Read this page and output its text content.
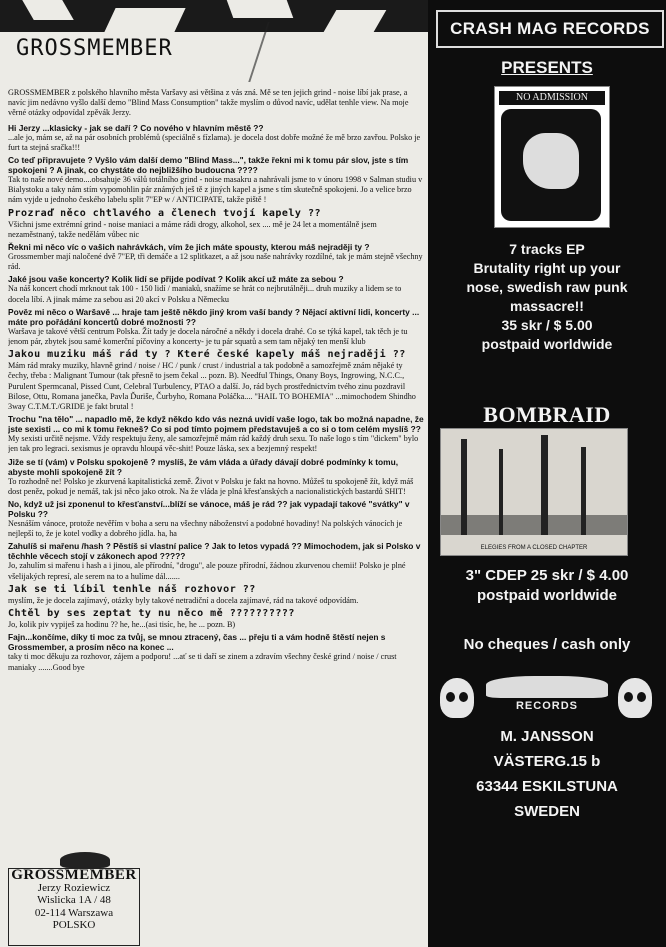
GROSSMEMBER
GROSSMEMBER z polského hlavního města Varšavy asi většina z vás zná. Mě se ten jejich grind - noise líbí jak prase, a navíc jim nedávno vyšlo další demo "Blind Mass Consumption" takže myslím o důvod navíc, udělat tenhle view. Na moje věrné otázky odpovídal zpěvák Jerzy.
Hi Jerzy ...klasicky - jak se daří ? Co nového v hlavním městě ??
...ale jo, mám se, až na pár osobních problémů (speciálně s fízlama). je docela dost dobře možné že mě brzo zavřou. Polsko je furt ta stejná sračka!!!
Co teď připravujete ? Vyšlo vám další demo "Blind Mass...", takže řekni mi k tomu pár slov, jste s tím spokojeni ? A jinak, co chystáte do nejbližšího budoucna ????
Tak to naše nové demo....obsahuje 36 válů totálního grind - noise masakru a nahrávali jsme to v únoru 1998 v Salman studiu v Bialystoku a taky nám stím vypomohlin pár známých ješ tě z jiných kapel a jsme s tím skutečně spokojeni. Jo a velice brzo nám vyjde u jednoho českého labelu split 7"EP w / ANTICIPATE, takže piště !
Prozraď něco chtlavého a členech tvojí kapely ??
Všichni jsme extrémní grind - noise maniaci a máme rádi drogy, alkohol, sex .... mě je 24 let a momentálně jsem nezaměstnaný, takže nedělám vůbec nic
Řekni mi něco víc o vašich nahrávkách, vím že jich máte spousty, kterou máš nejraději ty ?
Grossmember mají naločené dvě 7"EP, tři demáče a 12 splitkazet, a až jsou naše nahrávky rozdílné, tak je mám stejně všechny rád.
Jaké jsou vaše koncerty? Kolik lidí se přijde podívat ? Kolik akcí už máte za sebou ?
Na náš koncert chodí mrknout tak 100 - 150 lidí / maniaků, snažíme se hrát co nejbrutálněji... druh muziky a lidem se to docela líbí. A jinak máme za sebou asi 20 akcí v Polsku a Německu
Pověz mi něco o Waršavě ... hraje tam ještě někdo jiný krom vaší bandy ? Nějací aktivní lidi, koncerty ... máte pro pořádání koncertů dobré možnosti ??
Waršava je takové větší centrum Polska. Žít tady je docela náročné a někdy i docela drahé. Co se týká kapel, tak těch je tu jenom pár, zbytek jsou samé komerční píčoviny a koncerty- je tu pár squatů a sem tam nějaký ten menší klub
Jakou muziku máš rád ty ? Které české kapely máš nejraději ??
Mám rád mraky muziky, hlavně grind / noise / HC / punk / crust / industrial a tak podobně a samozřejmě znám nějaké ty čechy, třeba : Malignant Tumour (tak přesně to jsem čekal ... pozn. B). Needful Things, Onany Boys, Ingrowing, N.C.C., Purulent Spermcanal, Pissed Cunt, Celebral Turbulency, PTAO a další. Jo, rád bych prostřednictvím tvého zinu pozdravil Bilose, Ottu, Romana janečka, Pavla Ďuriše, Čurbyho, Romana Poláčka.... "HAIL TO BOHEMIA" ...mimochodem Shindho 3way C.T.M.T./GRIDE je fakt brutal !
Trochu "na tělo" ... napadlo mě, že když někdo kdo vás nezná uvidí vaše logo, tak bo možná napadne, že jste sexisti ... co mi k tomu řekneš? Co si pod tímto pojmem představuješ a co si o tom celém myslíš ??
My sexisti určitě nejsme. Vždy respektuju ženy, ale samozřejmě mám rád každý druh sexu. To naše logo s tím "dickem" bylo jen tak pro legraci. sexismus je opravdu hloupá věc-shit! Pouze láska, sex a bezjemný respekt!
Jiže se tí (vám) v Polsku spokojeně ? myslíš, že vám vláda a úřady dávají dobré podmínky k tomu, abyste mohli spokojeně žít ?
To rozhodně ne! Polsko je zkurvená kapitalistická země. Život v Polsku je fakt na hovno. Můžeš tu spokojeně žít, když máš dost peněz, pokud je nemáš, tak jsi něco jako otrok. Na že vláda je plná křesťanských a nacionalistických bastardů SHIT!
No, když už jsi zponenul to křesťanství...blíží se vánoce, máš je rád ?? jak vypadají takové "svátky" v Polsku ??
Nesnáším vánoce, protože nevěřím v boha a seru na všechny náboženství a podobné hovadiny! Na polských vánocích je nejlepší to, že je kotel vodky a dobrého jídla. ha, ha
Zahulíš si mařenu /hash ? Pěstíš si vlastní palice ? Jak to letos vypadá ?? Mimochodem, jak si Polsko v těchhle věcech stojí v zákonech apod ?????
Jo, zahulím si mařenu i hash a i jinou, ale přírodní, "drogu", ale pouze přírodní, žádnou zkurvenou chemii! Polsko je plné všelijakých represí, ale serem na to a hulíme dál.......
Jak se ti líbil tenhle náš rozhovor ??
myslím, že je docela zajímavý, otázky byly takové netradiční a docela zajímavé, rád na takové odpovídám.
Chtěl by ses zeptat ty nu něco mě ??????????
Jo, kolik piv vypiješ za hodinu ?? he, he...(asi tisíc, he, he ... pozn. B)
Fajn...končíme, díky ti moc za tvůj, se mnou ztracený, čas ... přeju ti a vám hodně štěstí nejen s Grossmember, a prosím něco na konec ...
taky ti moc děkuju za rozhovor, zájem a podporu! ...ať se ti daří se zinem a zdravím všechny české grind / noise / crust maniaky .......Good bye
GROSSMEMBER
Jerzy Roziewicz
Wislicka 1A / 48
02-114 Warszawa
POLSKO
CRASH MAG RECORDS
PRESENTS
NO ADMISSION
7 tracks EP
Brutality right up your
nose, swedish raw punk
massacre!!
35 skr / $ 5.00
postpaid worldwide
BOMBRAID
ELEGIES FROM A CLOSED CHAPTER
3" CDEP 25 skr / $ 4.00
postpaid worldwide
No cheques / cash only
RECORDS
M. JANSSON
VÄSTERG.15 b
63344 ESKILSTUNA
SWEDEN
